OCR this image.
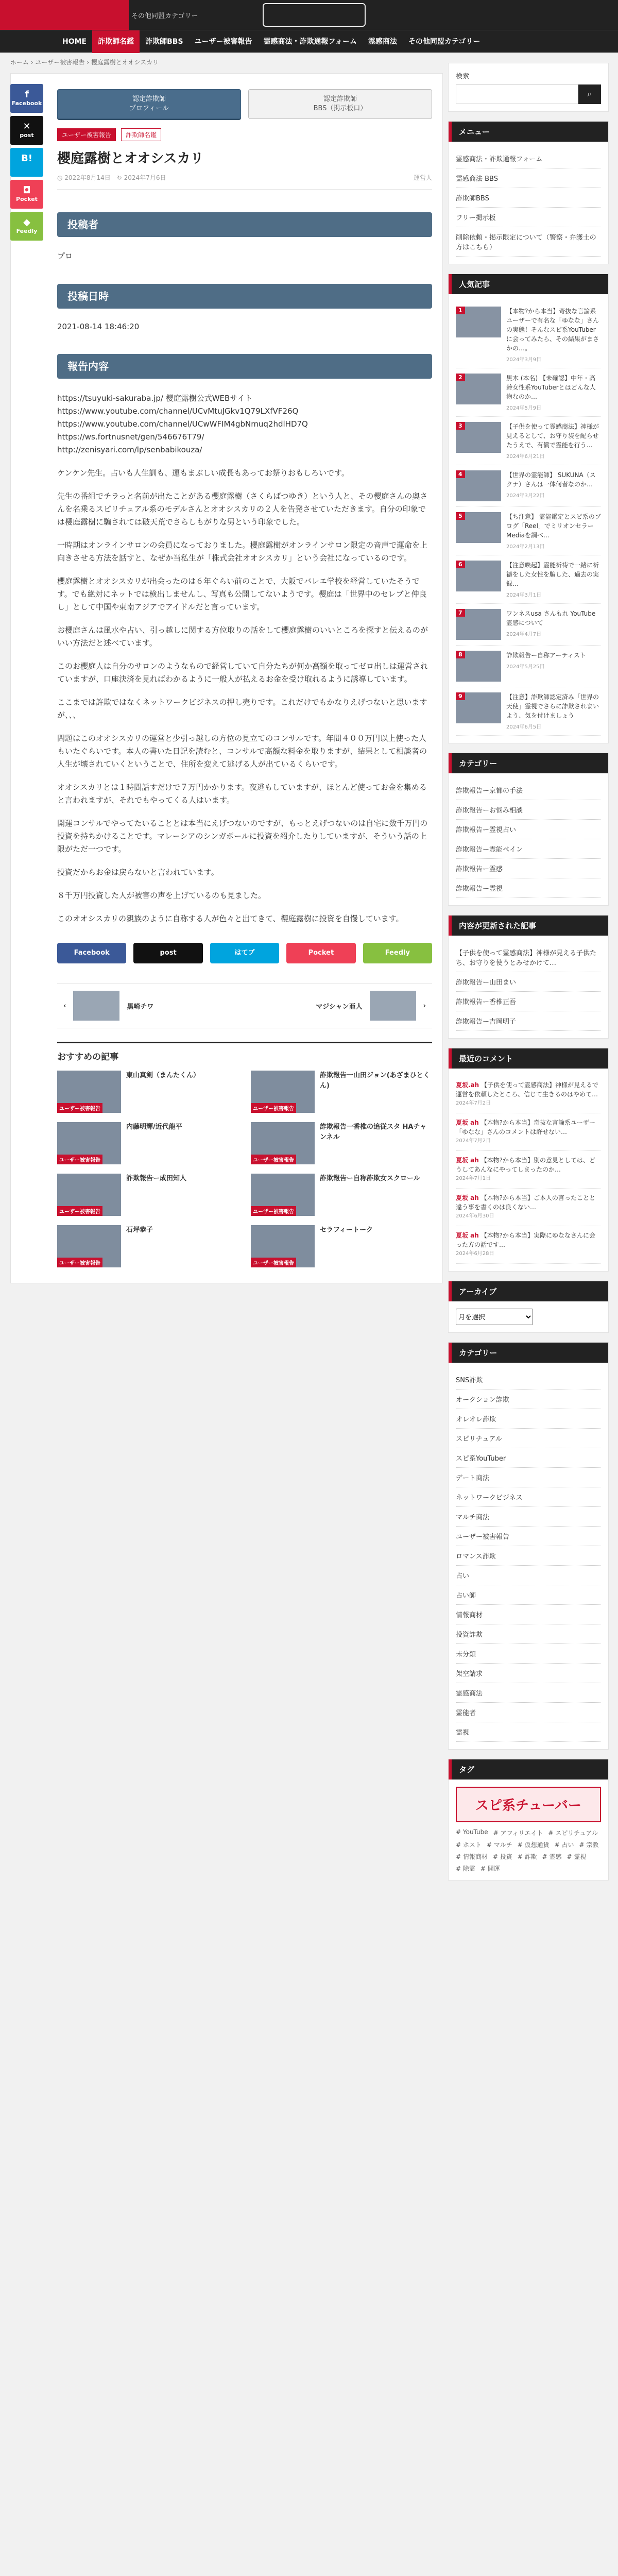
その他同盟カテゴリー
HOME	詐欺師名鑑	詐欺師BBS	ユーザー被害報告	霊感商法・詐欺通報フォーム	霊感商法	その他同盟カテゴリー
ホーム › ユーザー被害報告 › 櫻庭露樹とオオシスカリ
f
Facebook
✕
post
B!
◘
Pocket
◆
Feedly
認定詐欺師
プロフィール
認定詐欺師
BBS（掲示板口）
ユーザー被害報告	詐欺師名鑑
櫻庭露樹とオオシスカリ
◷ 2022年8月14日　 ↻ 2024年7月6日	運営人
投稿者
プロ
投稿日時
2021-08-14 18:46:20
報告内容
https://tsuyuki-sakuraba.jp/ 櫻庭露樹公式WEBサイト
https://www.youtube.com/channel/UCvMtuJGkv1Q79LXfVF26Q
https://www.youtube.com/channel/UCwWFIM4gbNmuq2hdlHD7Q
https://ws.fortnusnet/gen/546676T79/
http://zenisyari.com/lp/senbabikouza/

ケンケン先生。占いも人生訓も、運もまぶしい成長もあってお祭りおもしろいです。

先生の番組でチラっと名前が出たことがある櫻庭露樹（さくらばつゆき）という人と、その櫻庭さんの奥さんを名乗るスピリチュアル系のモデルさんとオオシスカリの２人を告発させていただきます。自分の印象では櫻庭露樹に騙されては破天荒でさらしもがりな男という印象でした。

一時期はオンラインサロンの会員になっておりました。櫻庭露樹がオンラインサロン限定の音声で運命を上向きさせる方法を話すと、なぜか当私生が「株式会社オオシスカリ」という会社になっているのです。

櫻庭露樹とオオシスカリが出会ったのは６年ぐらい前のことで、大阪でバレエ学校を経営していたそうです。でも絶対にネットでは検出しませんし、写真も公開してないようです。櫻庭は「世界中のセレブと仲良し」として中国や東南アジアでアイドルだと言っています。

お櫻庭さんは風水や占い、引っ越しに関する方位取りの話をして櫻庭露樹のいいところを探すと伝えるのがいい方法だと述べています。

このお櫻庭人は自分のサロンのようなもので経営していて自分たちが何か高額を取ってゼロ出しは運営されていますが、口座決済を見ればわかるように一般人が払えるお金を受け取れるように誘導しています。

ここまでは許欺ではなくネットワークビジネスの押し売りです。これだけでもかなりえげつないと思いますが、、、

問題はこのオオシスカリの運営と少引っ越しの方位の見立てのコンサルです。年間４００万円以上使った人もいたぐらいです。本人の書いた日記を読むと、コンサルで高額な料金を取りますが、結果として相談者の人生が壊されていくということで、住所を変えて逃げる人が出ているくらいです。

オオシスカリとは１時間話すだけで７万円かかります。夜逃もしていますが、ほとんど使ってお金を集めると言われますが、それでもやってくる人はいます。

開運コンサルでやってたいることとは本当にえげつないのですが、もっとえげつないのは自宅に数千万円の投資を持ちかけることです。マレーシアのシンガポールに投資を紹介したりしていますが、そういう話の上限がただ一つです。

投資だからお金は戻らないと言われています。

８千万円投資した人が被害の声を上げているのも見ました。

このオオシスカリの親族のように自称する人が色々と出てきて、櫻庭露樹に投資を自慢しています。

Facebook	post	はてブ	Pocket	Feedly
‹	黒崎チワ	マジシャン亜人	›
おすすめの記事
ユーザー被害報告
東山真剣（まんたくん）
ユーザー被害報告
詐欺報告一山田ジョン(あざまひとくん)
ユーザー被害報告
内藤明輝/近代龍平
ユーザー被害報告
詐欺報告一香椎の追従スタ HAチャンネル
ユーザー被害報告
詐欺報告ー成田知人
ユーザー被害報告
詐欺報告ー自称詐欺女スクロール
ユーザー被害報告
石坪恭子
ユーザー被害報告
セラフィートーク
検索
⌕
メニュー
霊感商法・詐欺通報フォーム
霊感商法 BBS
詐欺師BBS
フリー掲示板
削除依頼・掲示限定について（警察・弁護士の方はこちら）
人気記事
1	【本物?から本当】奇抜な言論系ユーザーで有名な「ゆなな」さんの実態！そんなスピ系YouTuberに会ってみたら、その結果がまさかの…。
2024年3月9日
2	黒木 (本名) 【未確認】中年・高齢女性系YouTuberとはどんな人物なのか…
2024年5月9日
3	【子供を使って霊感商法】神様が見えるとして、お守り袋を配らせたうえで、有償で霊能を行う…
2024年6月21日
4	【世界の霊能師】 SUKUNA（スクナ）さんは一体何者なのか…
2024年3月22日
5	【ち注意】 霊能鑑定とスピ系のブログ「Reel」でミリオンセラーMediaを調べ…
2024年2月13日
6	【注意喚起】霊能祈祷で一緒に祈禱をした女性を騙した、過去の実録…
2024年3月1日
7	ワンネスusa さんもれ YouTube 霊感について
2024年4月7日
8	詐欺報告ー自称アーティスト
2024年5月25日
9	【注意】詐欺師認定済み「世界の天使」霊視でさらに詐欺されまいよう、気を付けましょう
2024年6月5日
カテゴリー
詐欺報告ー京都の手法
詐欺報告ーお悩み相談
詐欺報告ー霊視占い
詐欺報告ー霊能ベイン
詐欺報告ー霊感
詐欺報告ー霊視
内容が更新された記事
【子供を使って霊感商法】神様が見える子供たち、お守りを使うとみせかけて…
詐欺報告ー山田まい
詐欺報告ー香椎正吾
詐欺報告ー吉岡明子
最近のコメント
夏坂.ah 【子供を使って霊感商法】神様が見えるで運営を依頼したところ、信じて生きるのはやめて…
2024年7月2日
夏坂 ah 【本物?から本当】奇抜な言論系ユーザー「ゆなな」さんのコメントは許せない…
2024年7月2日
夏坂 ah 【本物?から本当】別の意見としては、どうしてあんなにやってしまったのか…
2024年7月1日
夏坂 ah 【本物?から本当】ご本人の言ったことと違う事を書くのは良くない…
2024年6月30日
夏坂 ah 【本物?から本当】実際にゆななさんに会った方の話です…
2024年6月28日
アーカイブ
月を選択
カテゴリー
SNS詐欺
オークション詐欺
オレオレ詐欺
スピリチュアル
スピ系YouTuber
デート商法
ネットワークビジネス
マルチ商法
ユーザー被害報告
ロマンス詐欺
占い
占い師
情報商材
投資詐欺
未分類
架空請求
霊感商法
霊能者
霊視
タグ
スピ系チューバー
# YouTube # アフィリエイト # スピリチュアル
# ホスト # マルチ # 仮想通貨 # 占い # 宗教
# 情報商材 # 投資 # 詐欺 # 霊感 # 霊視
# 除霊 # 開運
